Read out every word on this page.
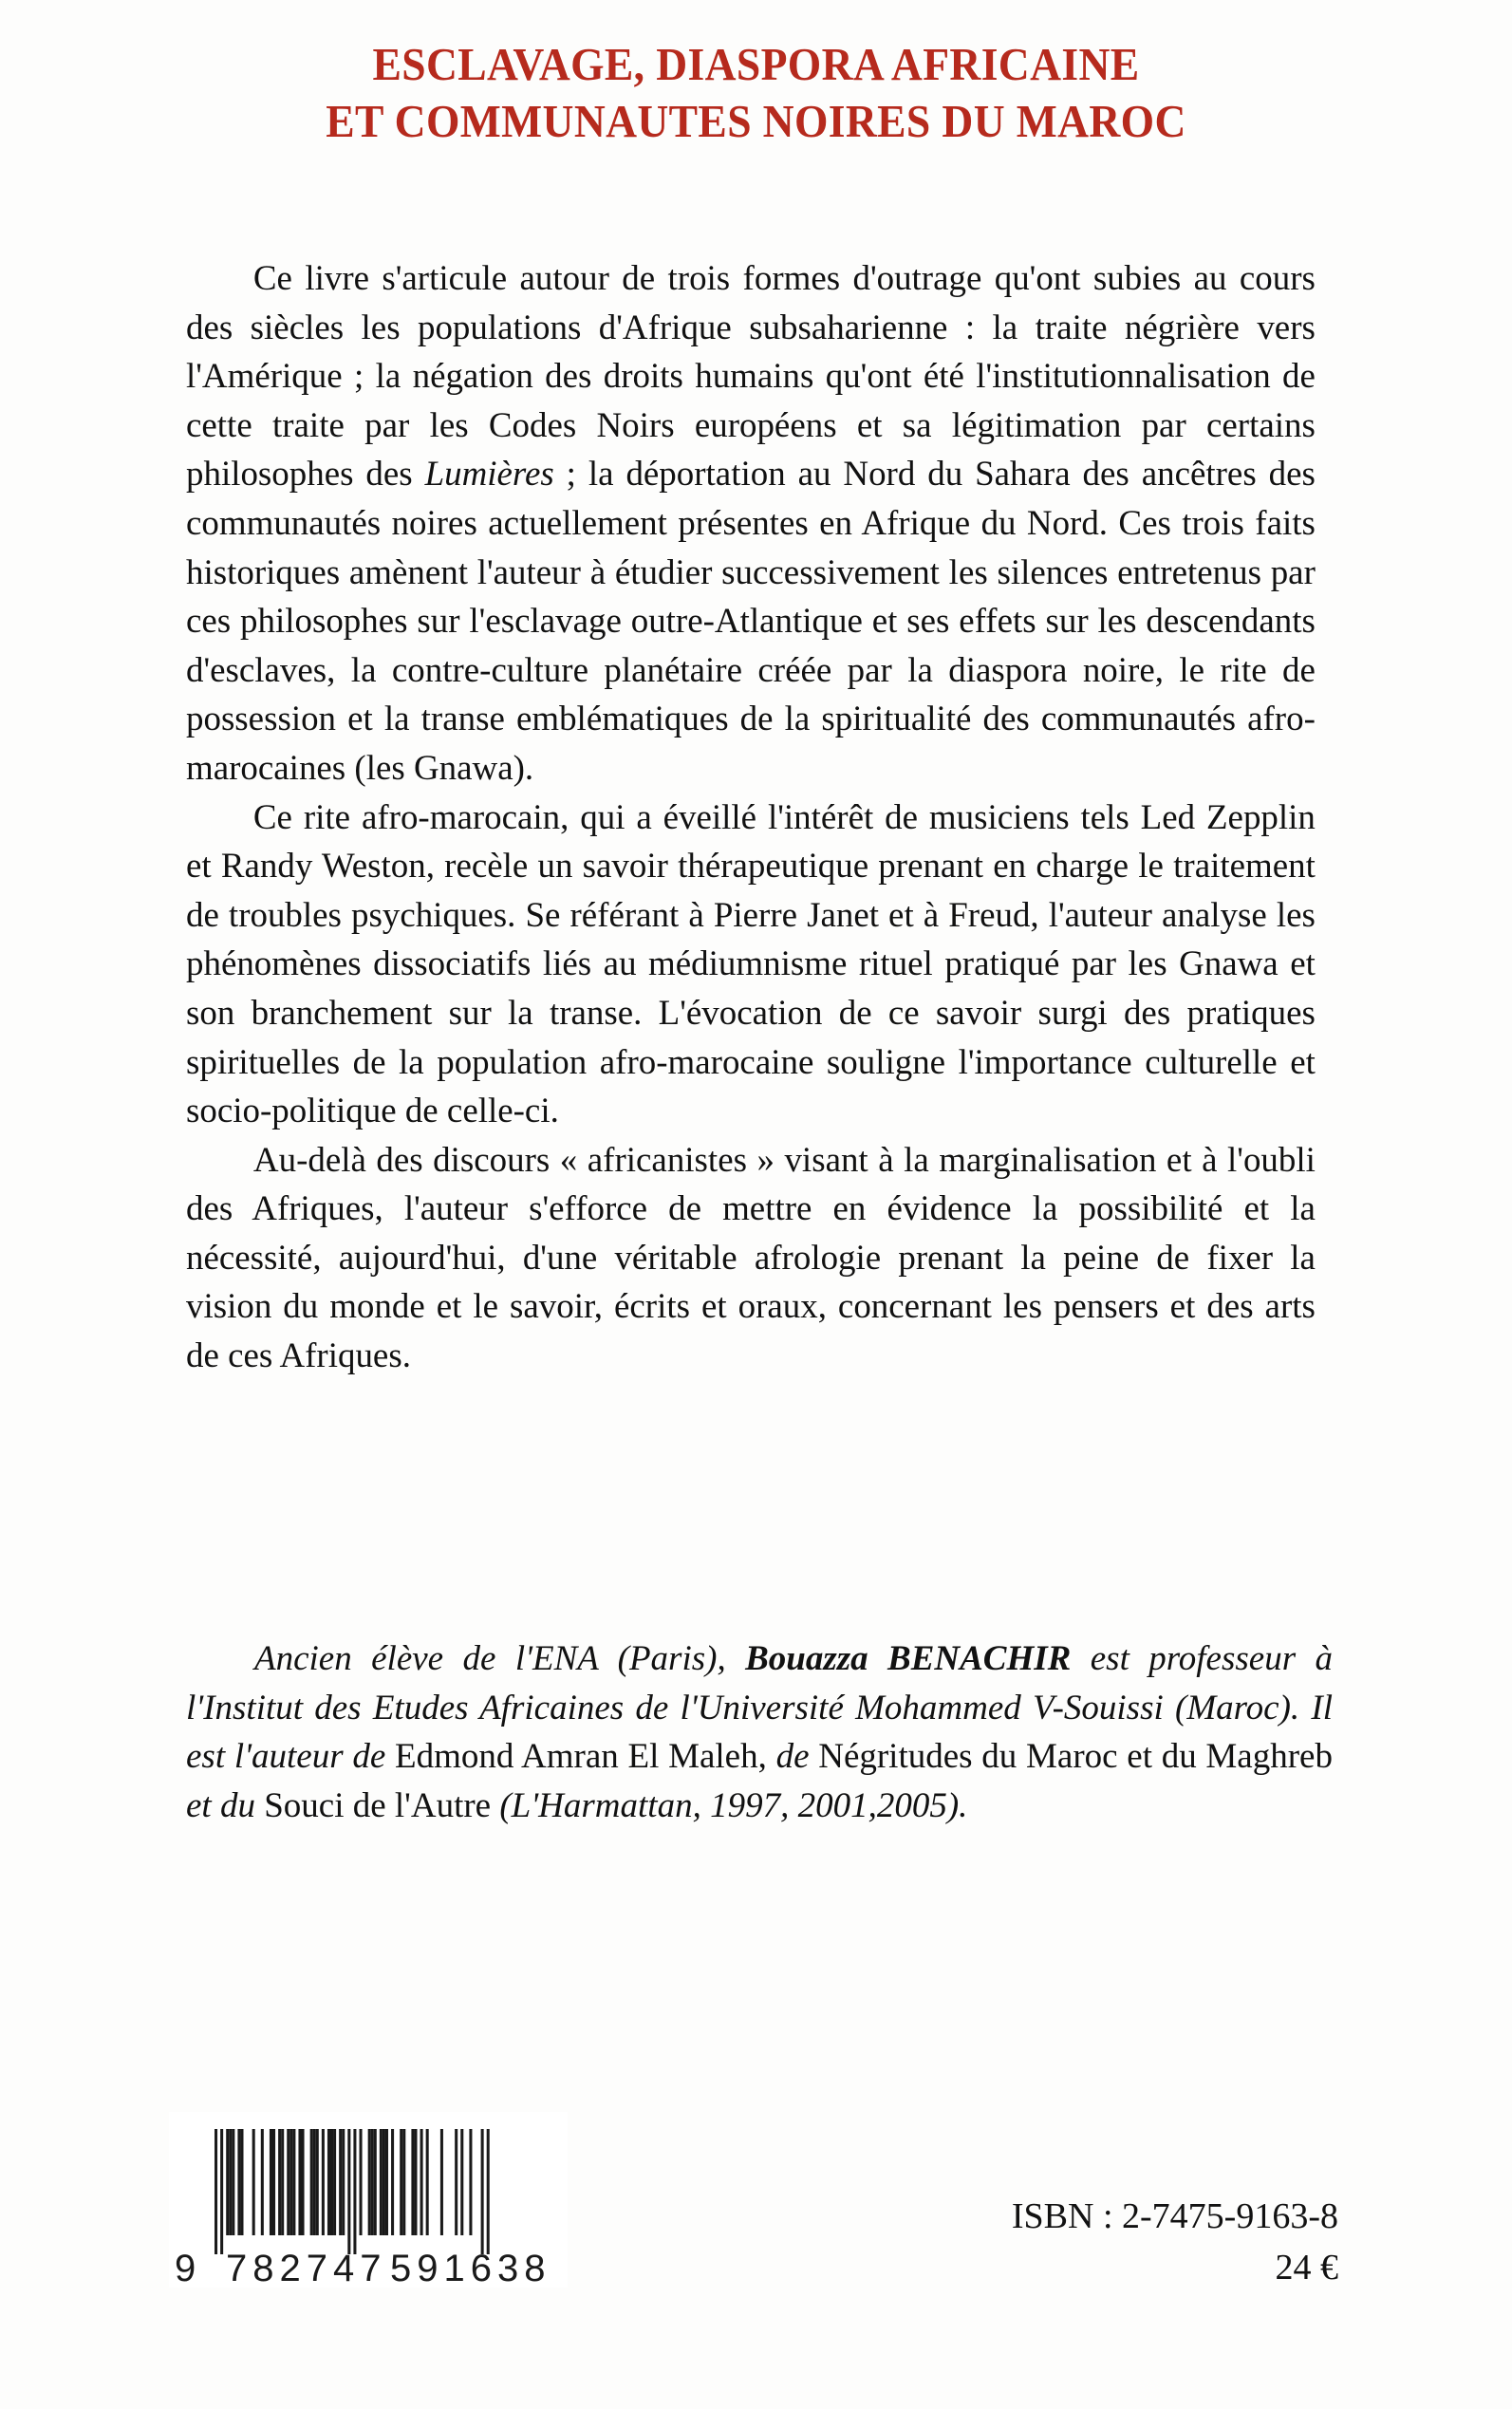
ESCLAVAGE, DIASPORA AFRICAINE
ET COMMUNAUTES NOIRES DU MAROC

Ce livre s'articule autour de trois formes d'outrage qu'ont subies au cours des siècles les populations d'Afrique subsaharienne : la traite négrière vers l'Amérique ; la négation des droits humains qu'ont été l'institutionnalisation de cette traite par les Codes Noirs européens et sa légitimation par certains philosophes des Lumières ; la déportation au Nord du Sahara des ancêtres des communautés noires actuellement présentes en Afrique du Nord. Ces trois faits historiques amènent l'auteur à étudier successivement les silences entretenus par ces philosophes sur l'esclavage outre-Atlantique et ses effets sur les descendants d'esclaves, la contre-culture planétaire créée par la diaspora noire, le rite de possession et la transe emblématiques de la spiritualité des communautés afro-marocaines (les Gnawa).

Ce rite afro-marocain, qui a éveillé l'intérêt de musiciens tels Led Zepplin et Randy Weston, recèle un savoir thérapeutique prenant en charge le traitement de troubles psychiques. Se référant à Pierre Janet et à Freud, l'auteur analyse les phénomènes dissociatifs liés au médiumnisme rituel pratiqué par les Gnawa et son branchement sur la transe. L'évocation de ce savoir surgi des pratiques spirituelles de la population afro-marocaine souligne l'importance culturelle et socio-politique de celle-ci.

Au-delà des discours « africanistes » visant à la marginalisation et à l'oubli des Afriques, l'auteur s'efforce de mettre en évidence la possibilité et la nécessité, aujourd'hui, d'une véritable afrologie prenant la peine de fixer la vision du monde et le savoir, écrits et oraux, concernant les pensers et des arts de ces Afriques.

Ancien élève de l'ENA (Paris), Bouazza BENACHIR est professeur à l'Institut des Etudes Africaines de l'Université Mohammed V-Souissi (Maroc). Il est l'auteur de Edmond Amran El Maleh, de Négritudes du Maroc et du Maghreb et du Souci de l'Autre (L'Harmattan, 1997, 2001,2005).

9 782747 591638
ISBN : 2-7475-9163-8
24 €
